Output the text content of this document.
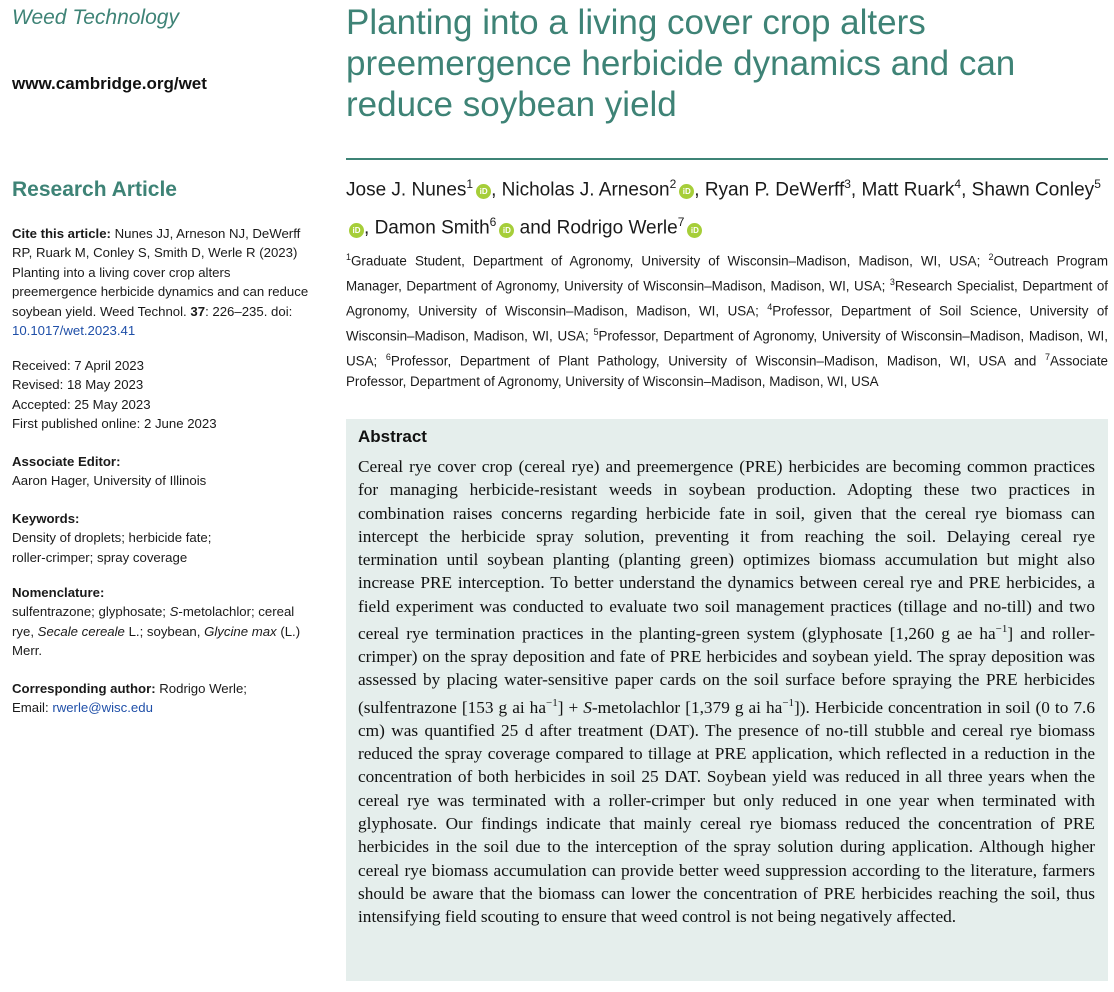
Weed Technology
www.cambridge.org/wet
Research Article
Cite this article: Nunes JJ, Arneson NJ, DeWerff RP, Ruark M, Conley S, Smith D, Werle R (2023) Planting into a living cover crop alters preemergence herbicide dynamics and can reduce soybean yield. Weed Technol. 37: 226–235. doi: 10.1017/wet.2023.41
Received: 7 April 2023
Revised: 18 May 2023
Accepted: 25 May 2023
First published online: 2 June 2023
Associate Editor:
Aaron Hager, University of Illinois
Keywords:
Density of droplets; herbicide fate;
roller-crimper; spray coverage
Nomenclature:
sulfentrazone; glyphosate; S-metolachlor; cereal rye, Secale cereale L.; soybean, Glycine max (L.) Merr.
Corresponding author: Rodrigo Werle;
Email: rwerle@wisc.edu
Planting into a living cover crop alters preemergence herbicide dynamics and can reduce soybean yield
Jose J. Nunes$^1$iD , Nicholas J. Arneson$^2$iD , Ryan P. DeWerff$^3$, Matt Ruark$^4$, Shawn Conley$^5$iD , Damon Smith$^6$iD and Rodrigo Werle$^7$iD
$^1$Graduate Student, Department of Agronomy, University of Wisconsin–Madison, Madison, WI, USA; $^2$Outreach Program Manager, Department of Agronomy, University of Wisconsin–Madison, Madison, WI, USA; $^3$Research Specialist, Department of Agronomy, University of Wisconsin–Madison, Madison, WI, USA; $^4$Professor, Department of Soil Science, University of Wisconsin–Madison, Madison, WI, USA; $^5$Professor, Department of Agronomy, University of Wisconsin–Madison, Madison, WI, USA; $^6$Professor, Department of Plant Pathology, University of Wisconsin–Madison, Madison, WI, USA and $^7$Associate Professor, Department of Agronomy, University of Wisconsin–Madison, Madison, WI, USA
Abstract
Cereal rye cover crop (cereal rye) and preemergence (PRE) herbicides are becoming common practices for managing herbicide-resistant weeds in soybean production. Adopting these two practices in combination raises concerns regarding herbicide fate in soil, given that the cereal rye biomass can intercept the herbicide spray solution, preventing it from reaching the soil. Delaying cereal rye termination until soybean planting (planting green) optimizes biomass accumulation but might also increase PRE interception. To better understand the dynamics between cereal rye and PRE herbicides, a field experiment was conducted to evaluate two soil management practices (tillage and no-till) and two cereal rye termination practices in the planting-green system (glyphosate [1,260 g ae $ha^{-1}$] and roller-crimper) on the spray deposition and fate of PRE herbicides and soybean yield. The spray deposition was assessed by placing water-sensitive paper cards on the soil surface before spraying the PRE herbicides (sulfentrazone [153 g ai $ha^{-1}$] + S-metolachlor [1,379 g ai $ha^{-1}$]). Herbicide concentration in soil (0 to 7.6 cm) was quantified 25 d after treatment (DAT). The presence of no-till stubble and cereal rye biomass reduced the spray coverage compared to tillage at PRE application, which reflected in a reduction in the concentration of both herbicides in soil 25 DAT. Soybean yield was reduced in all three years when the cereal rye was terminated with a roller-crimper but only reduced in one year when terminated with glyphosate. Our findings indicate that mainly cereal rye biomass reduced the concentration of PRE herbicides in the soil due to the interception of the spray solution during application. Although higher cereal rye biomass accumulation can provide better weed suppression according to the literature, farmers should be aware that the biomass can lower the concentration of PRE herbicides reaching the soil, thus intensifying field scouting to ensure that weed control is not being negatively affected.
